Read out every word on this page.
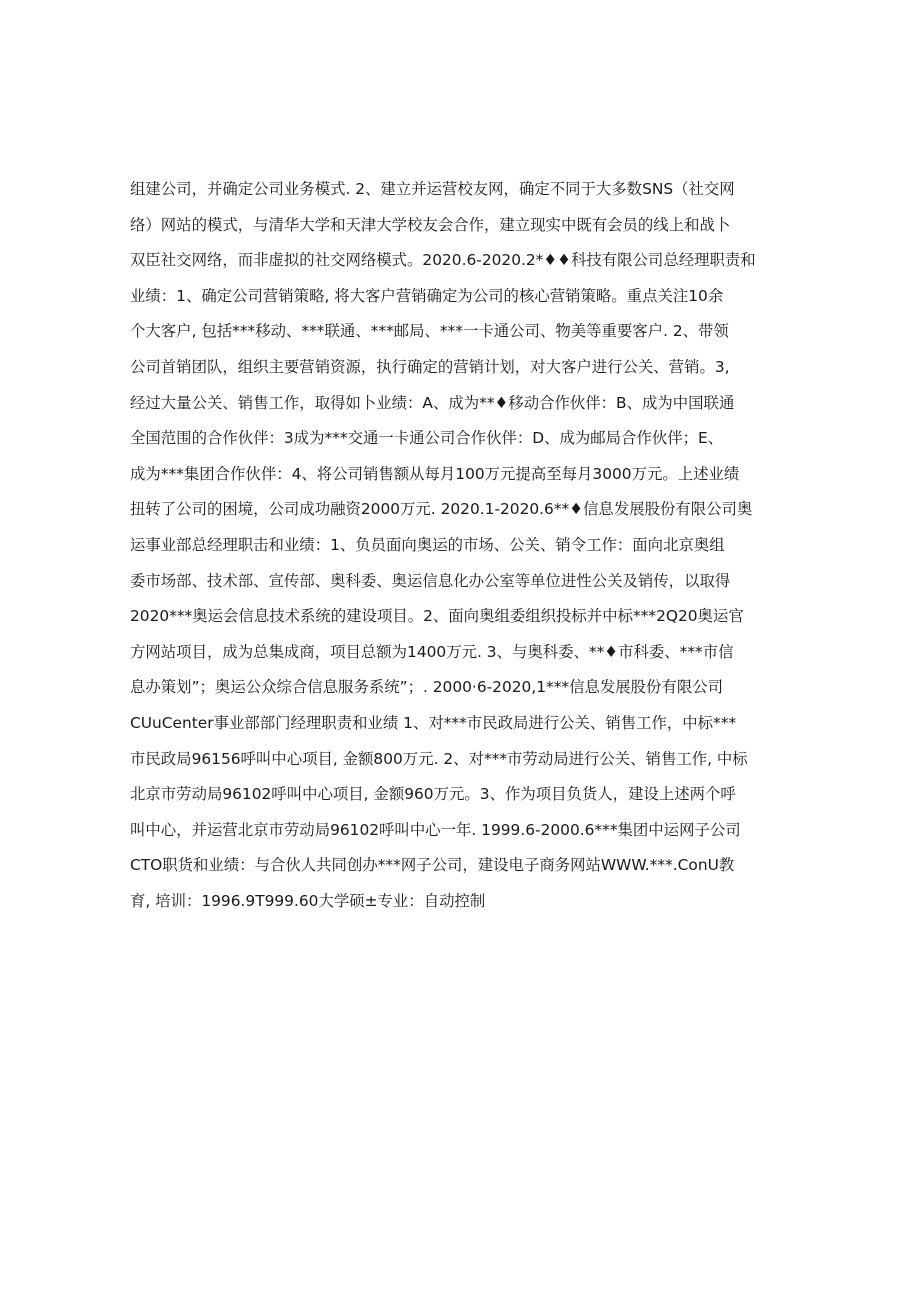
组建公司，并确定公司业务模式. 2、建立并运营校友网，确定不同于大多数SNS（社交网
络）网站的模式，与清华大学和天津大学校友会合作，建立现实中既有会员的线上和战卜
双臣社交网络，而非虚拟的社交网络模式。2020.6-2020.2*♦♦科技有限公司总经理职责和
业绩：1、确定公司营销策略, 将大客户营销确定为公司的核心营销策略。重点关注10余
个大客户, 包括***移动、***联通、***邮局、***一卡通公司、物美等重要客户. 2、带领
公司首销团队，组织主要营销资源，执行确定的营销计划，对大客户进行公关、营销。3,
经过大量公关、销售工作，取得如卜业绩：A、成为**♦移动合作伙伴：B、成为中国联通
全国范围的合作伙伴：3成为***交通一卡通公司合作伙伴：D、成为邮局合作伙伴；E、
成为***集团合作伙伴：4、将公司销售额从每月100万元提高至每月3000万元。上述业绩
扭转了公司的困境，公司成功融资2000万元. 2020.1-2020.6**♦信息发展股份有限公司奥
运事业部总经理职击和业绩：1、负员面向奥运的市场、公关、销令工作：面向北京奥组
委市场部、技术部、宣传部、奥科委、奥运信息化办公室等单位进性公关及销传，以取得
2020***奥运会信息技术系统的建设项目。2、面向奥组委组织投标并中标***2Q20奥运官
方网站项目，成为总集成商，项目总额为1400万元. 3、与奥科委、**♦市科委、***市信
息办策划”；奥运公众综合信息服务系统”；. 2000·6-2020,1***信息发展股份有限公司
CUuCenter事业部部门经理职责和业绩 1、对***市民政局进行公关、销售工作，中标***
市民政局96156呼叫中心项目, 金额800万元. 2、对***市劳动局进行公关、销售工作, 中标
北京市劳动局96102呼叫中心项目, 金额960万元。3、作为项目负货人，建设上述两个呼
叫中心，并运营北京市劳动局96102呼叫中心一年. 1999.6-2000.6***集团中运网子公司
CTO职货和业绩：与合伙人共同创办***网子公司，建设电子商务网站WWW.***.ConU教
育, 培训：1996.9T999.60大学硕±专业：自动控制
